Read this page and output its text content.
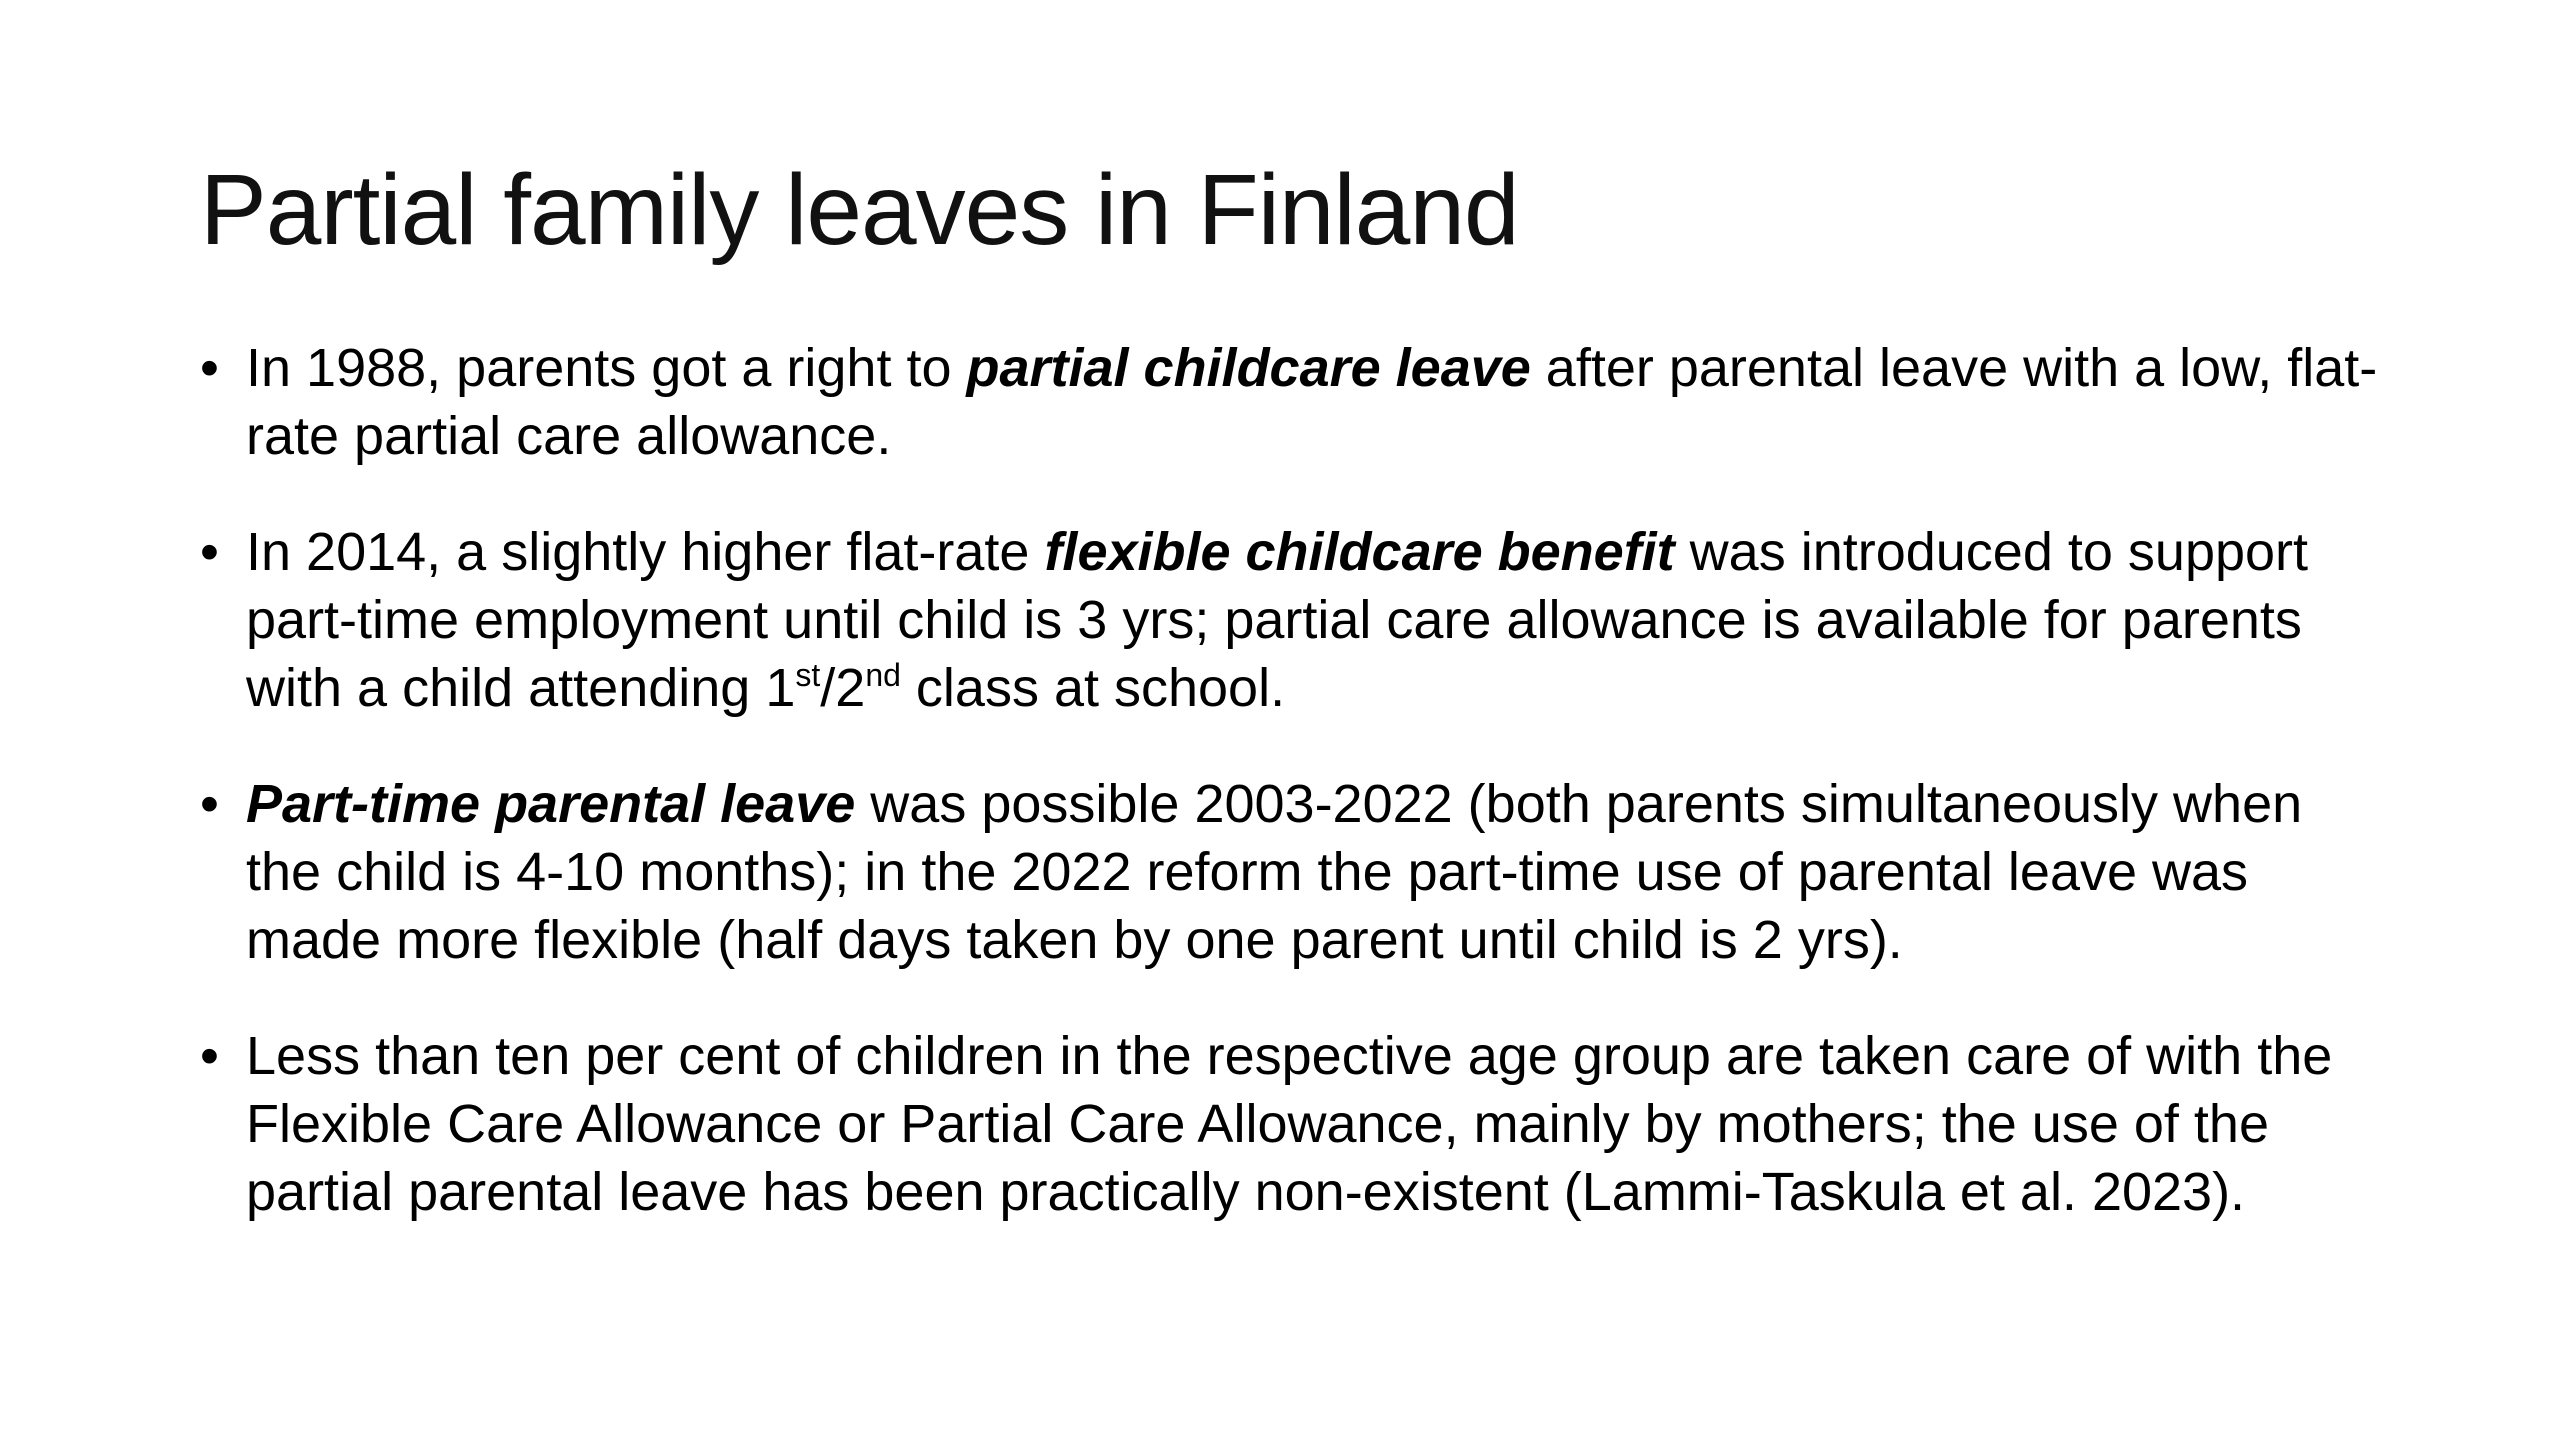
Partial family leaves in Finland
•
In 1988, parents got a right to partial childcare leave after parental leave with a low, flat-rate partial care allowance.
•
In 2014, a slightly higher flat-rate flexible childcare benefit was introduced to support part-time employment until child is 3 yrs; partial care allowance is available for parents with a child attending 1st/2nd class at school.
•
Part-time parental leave was possible 2003-2022 (both parents simultaneously when the child is 4-10 months); in the 2022 reform the part-time use of parental leave was made more flexible (half days taken by one parent until child is 2 yrs).
•
Less than ten per cent of children in the respective age group are taken care of with the Flexible Care Allowance or Partial Care Allowance, mainly by mothers; the use of the partial parental leave has been practically non-existent (Lammi-Taskula et al. 2023).
